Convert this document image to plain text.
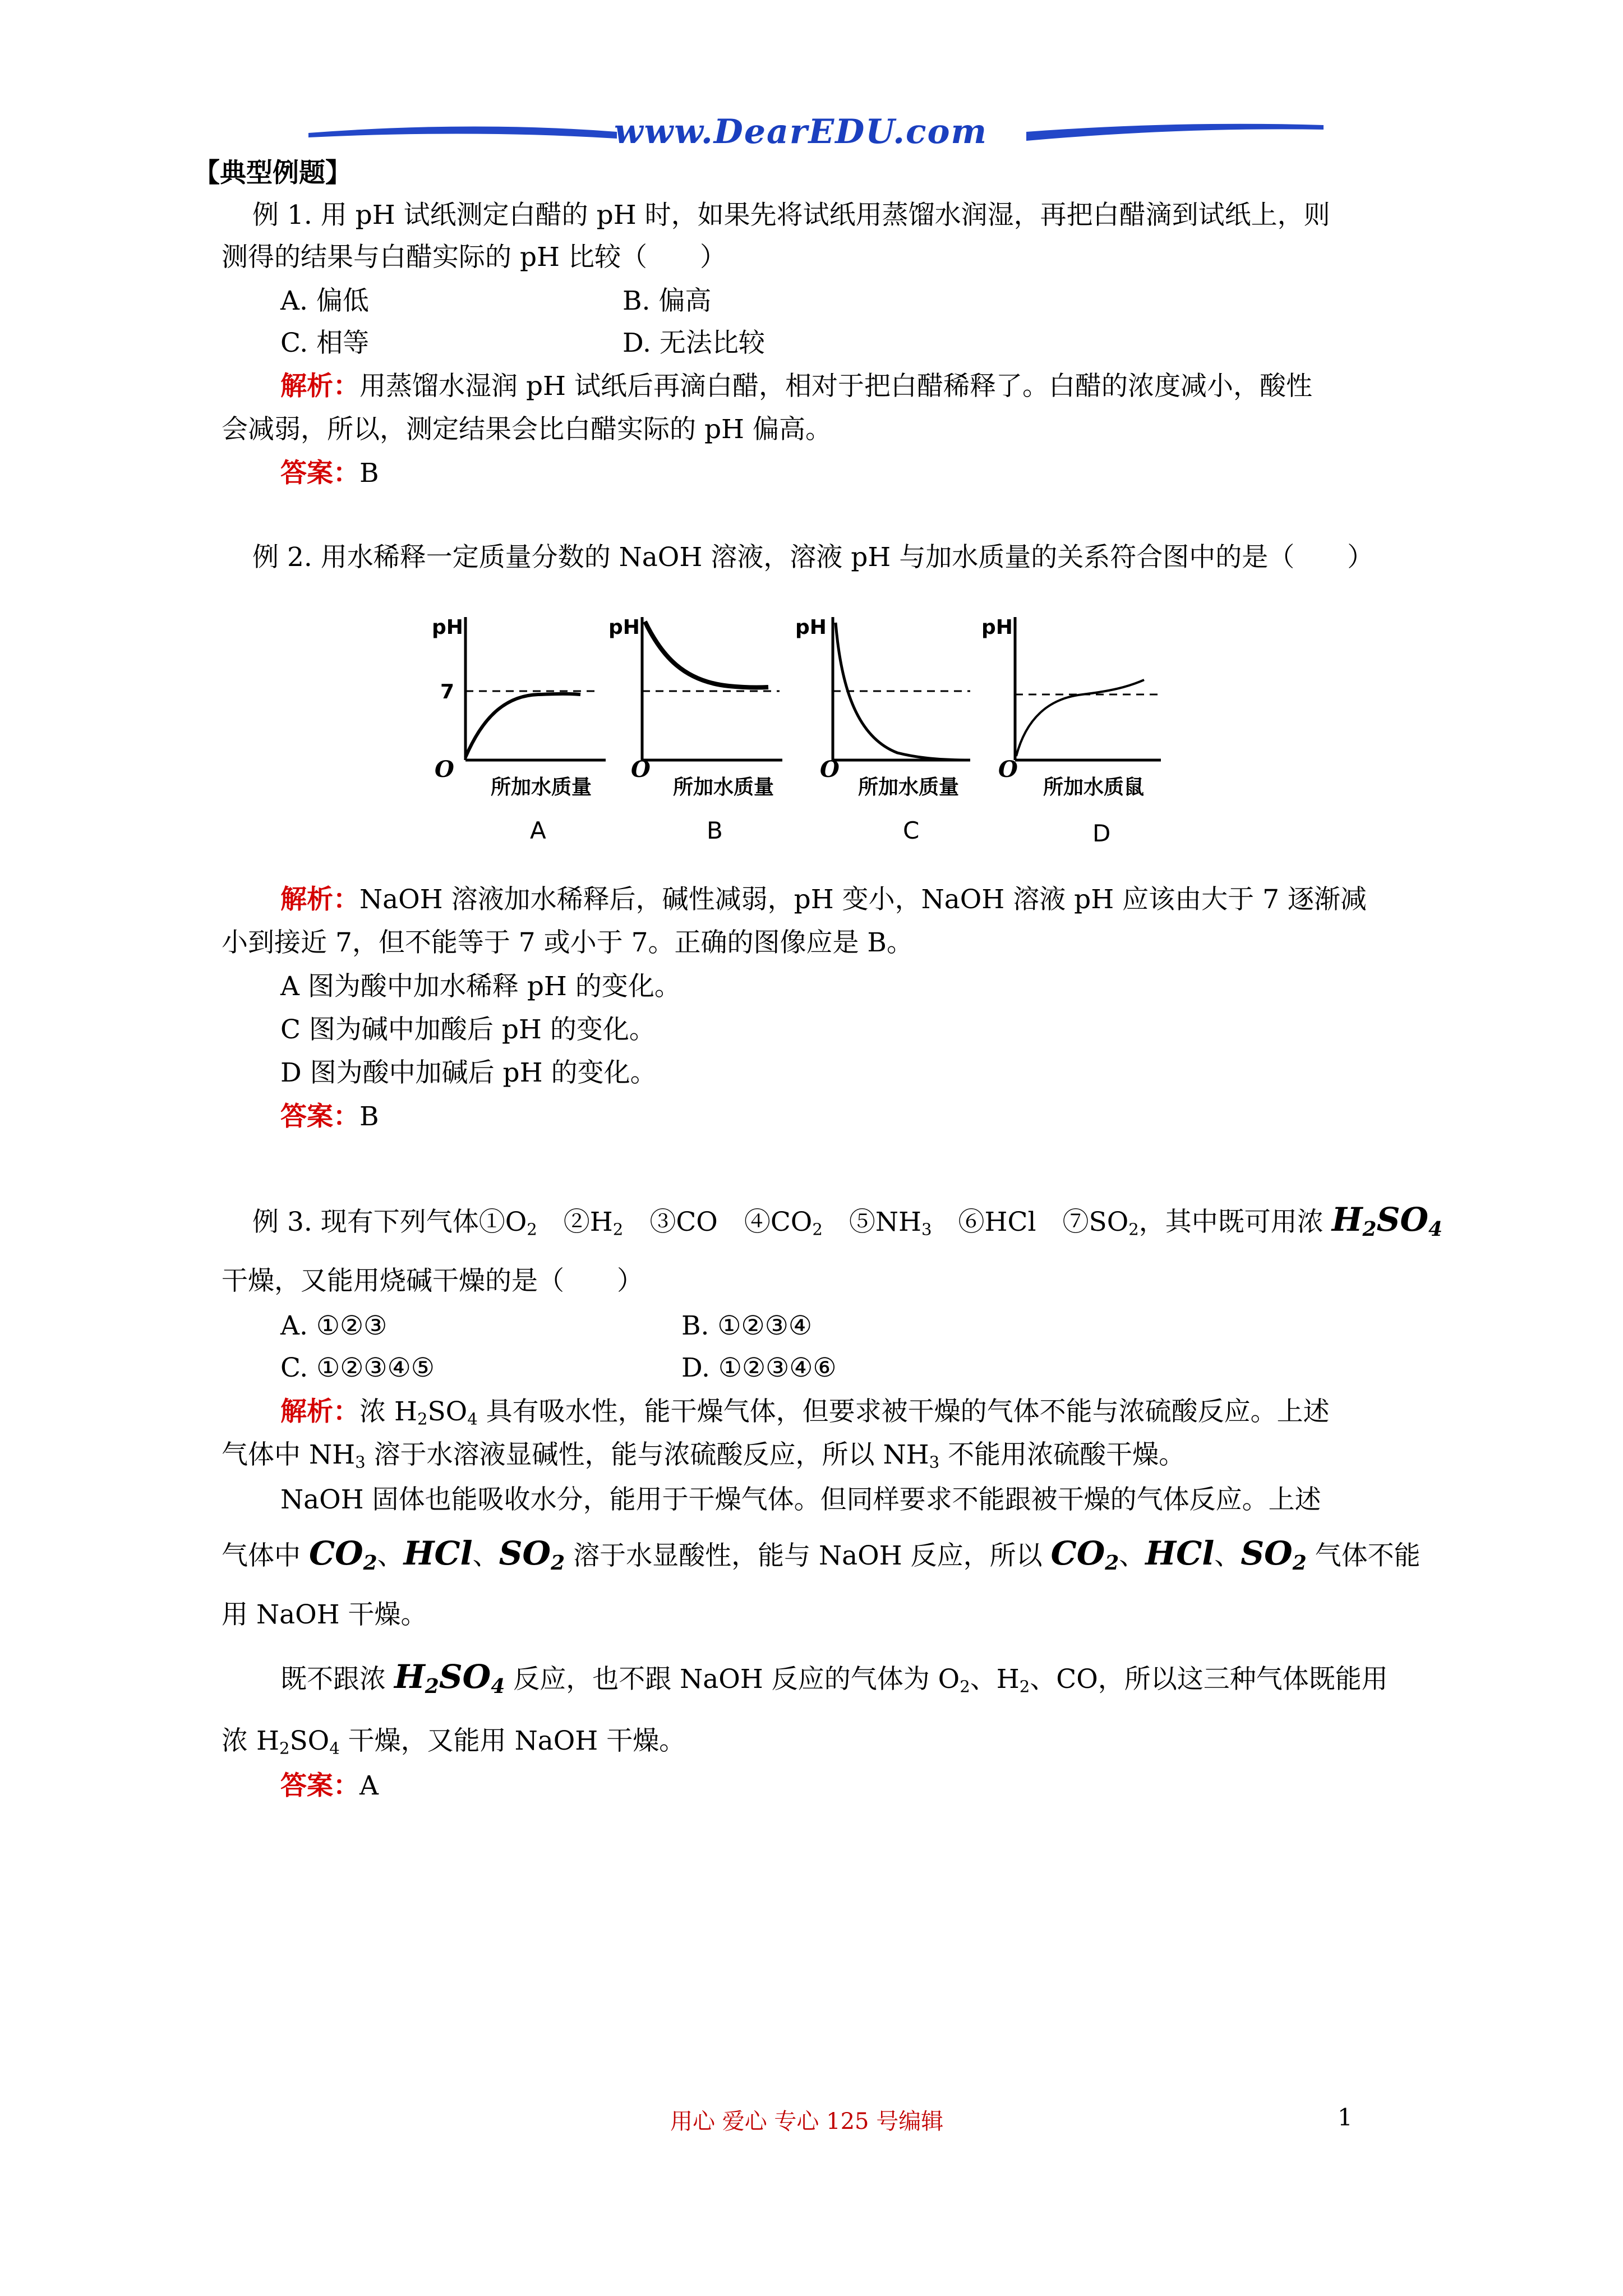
www.DearEDU.com
【典型例题】
例 1. 用 pH 试纸测定白醋的 pH 时，如果先将试纸用蒸馏水润湿，再把白醋滴到试纸上，则
测得的结果与白醋实际的 pH 比较（　　）
A. 偏低	B. 偏高
C. 相等	D. 无法比较
解析：用蒸馏水湿润 pH 试纸后再滴白醋，相对于把白醋稀释了。白醋的浓度减小，酸性
会减弱，所以，测定结果会比白醋实际的 pH 偏高。
答案：B
例 2. 用水稀释一定质量分数的 NaOH 溶液，溶液 pH 与加水质量的关系符合图中的是（　　）
pH
7
O
所加水质量
A
pH
O
所加水质量
B
pH
O
所加水质量
C
pH
O
所加水质鼠
D
解析：NaOH 溶液加水稀释后，碱性减弱，pH 变小，NaOH 溶液 pH 应该由大于 7 逐渐减
小到接近 7，但不能等于 7 或小于 7。正确的图像应是 B。
A 图为酸中加水稀释 pH 的变化。
C 图为碱中加酸后 pH 的变化。
D 图为酸中加碱后 pH 的变化。
答案：B
例 3. 现有下列气体$①O_2$　$②H_2$　③CO　$④CO_2$　$⑤NH_3$　⑥HCl　$⑦SO_2$，其中既可用浓 $H_2SO_4$
干燥，又能用烧碱干燥的是（　　）
A. ①②③	B. ①②③④
C. ①②③④⑤	D. ①②③④⑥
解析：浓 $H_2SO_4$ 具有吸水性，能干燥气体，但要求被干燥的气体不能与浓硫酸反应。上述
气体中 $NH_3$ 溶于水溶液显碱性，能与浓硫酸反应，所以 $NH_3$ 不能用浓硫酸干燥。
NaOH 固体也能吸收水分，能用于干燥气体。但同样要求不能跟被干燥的气体反应。上述
气体中 $CO_2$、HCl、$SO_2$ 溶于水显酸性，能与 NaOH 反应，所以 $CO_2$、HCl、$SO_2$ 气体不能
用 NaOH 干燥。
既不跟浓 $H_2SO_4$ 反应，也不跟 NaOH 反应的气体为 $O_2$、$H_2$、CO，所以这三种气体既能用
浓 $H_2SO_4$ 干燥，又能用 NaOH 干燥。
答案：A
用心 爱心 专心 125 号编辑	1
